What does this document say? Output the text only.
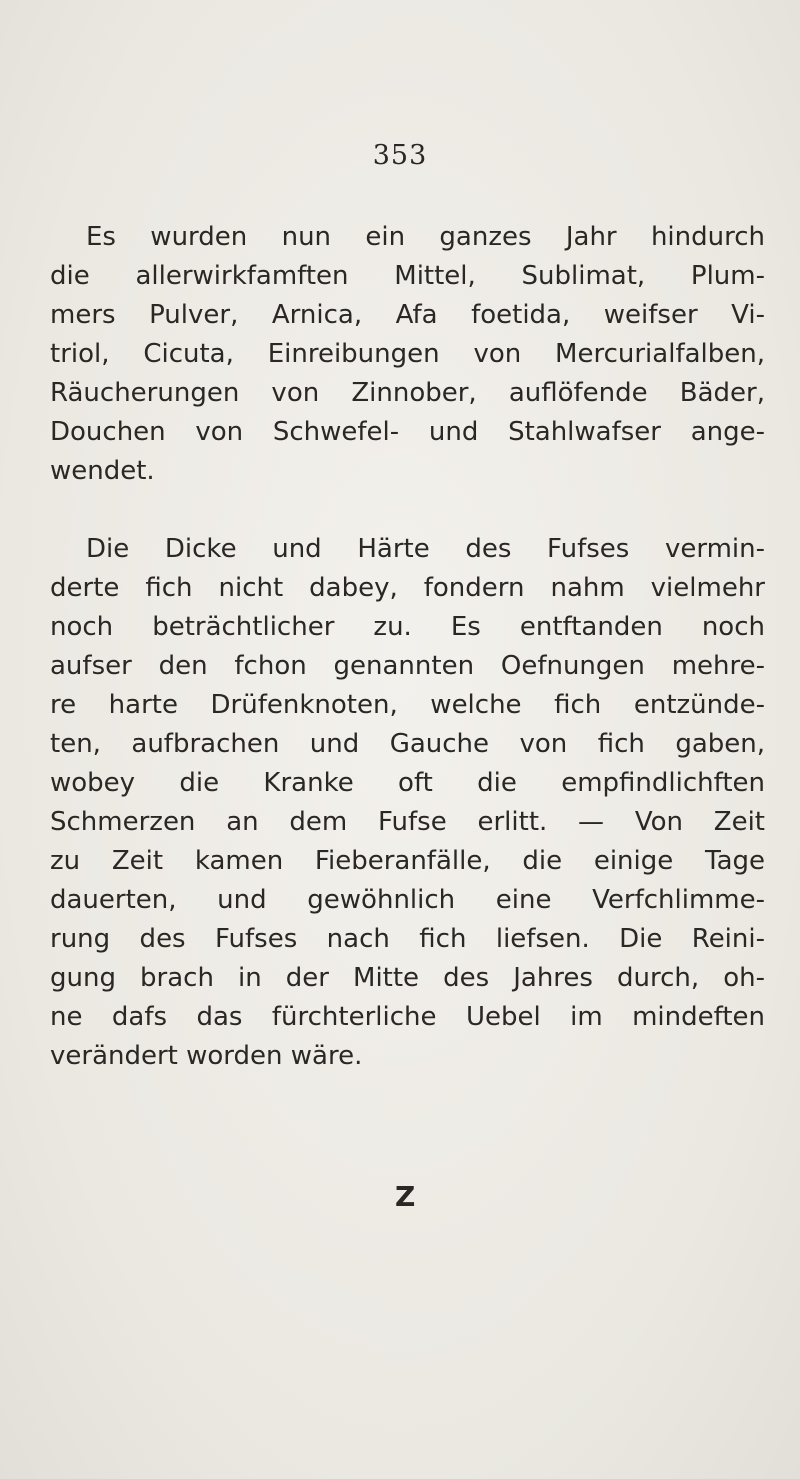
353
Es wurden nun ein ganzes Jahr hindurch
die allerwirkfamften Mittel, Sublimat, Plum-
mers Pulver, Arnica, Afa foetida, weifser Vi-
triol, Cicuta, Einreibungen von Mercurialfalben,
Räucherungen von Zinnober, auflöfende Bäder,
Douchen von Schwefel- und Stahlwafser ange-
wendet.
Die Dicke und Härte des Fufses vermin-
derte fich nicht dabey, fondern nahm vielmehr
noch beträchtlicher zu. Es entftanden noch
aufser den fchon genannten Oefnungen mehre-
re harte Drüfenknoten, welche fich entzünde-
ten, aufbrachen und Gauche von fich gaben,
wobey die Kranke oft die empfindlichften
Schmerzen an dem Fufse erlitt. — Von Zeit
zu Zeit kamen Fieberanfälle, die einige Tage
dauerten, und gewöhnlich eine Verfchlimme-
rung des Fufses nach fich liefsen. Die Reini-
gung brach in der Mitte des Jahres durch, oh-
ne dafs das fürchterliche Uebel im mindeften
verändert worden wäre.
Z
